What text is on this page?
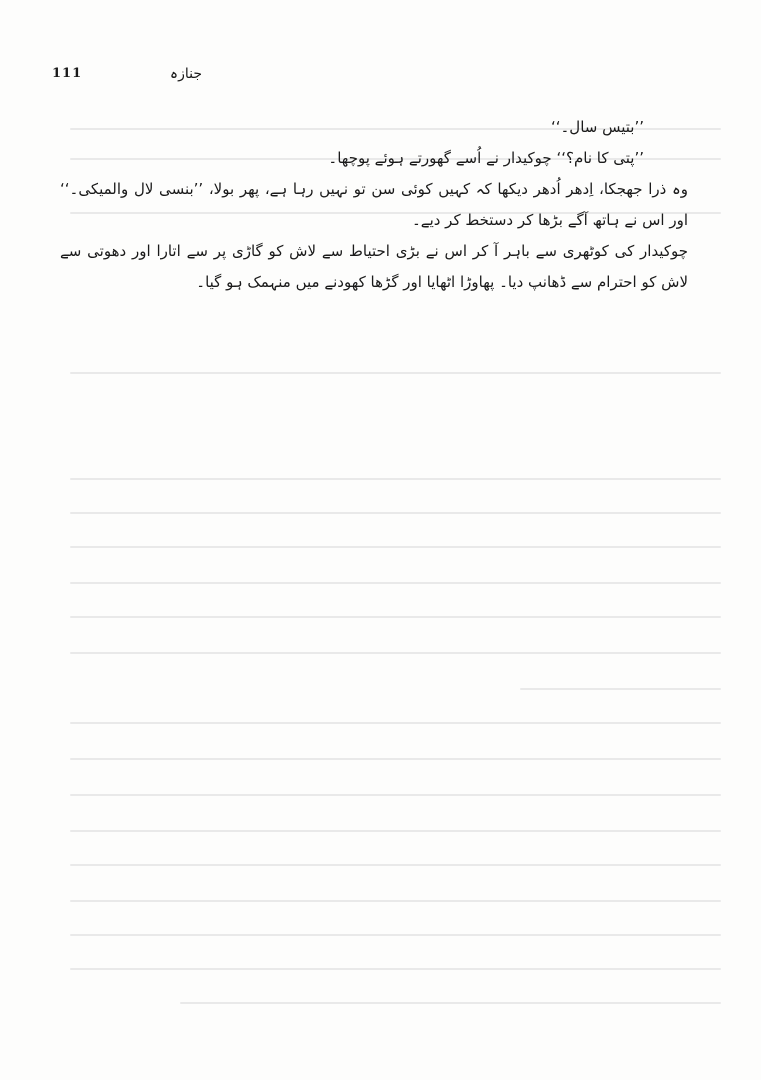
111	جنازہ

’’بتیس سال۔‘‘

’’پتی کا نام؟‘‘ چوکیدار نے اُسے گھورتے ہوئے پوچھا۔

وہ ذرا جھجکا، اِدھر اُدھر دیکھا کہ کہیں کوئی سن تو نہیں رہا ہے، پھر بولا، ’’بنسی لال والمیکی۔‘‘ اور اس نے ہاتھ آگے بڑھا کر دستخط کر دیے۔

چوکیدار کی کوٹھری سے باہر آ کر اس نے بڑی احتیاط سے لاش کو گاڑی پر سے اتارا اور دھوتی سے لاش کو احترام سے ڈھانپ دیا۔ پھاوڑا اٹھایا اور گڑھا کھودنے میں منہمک ہو گیا۔
